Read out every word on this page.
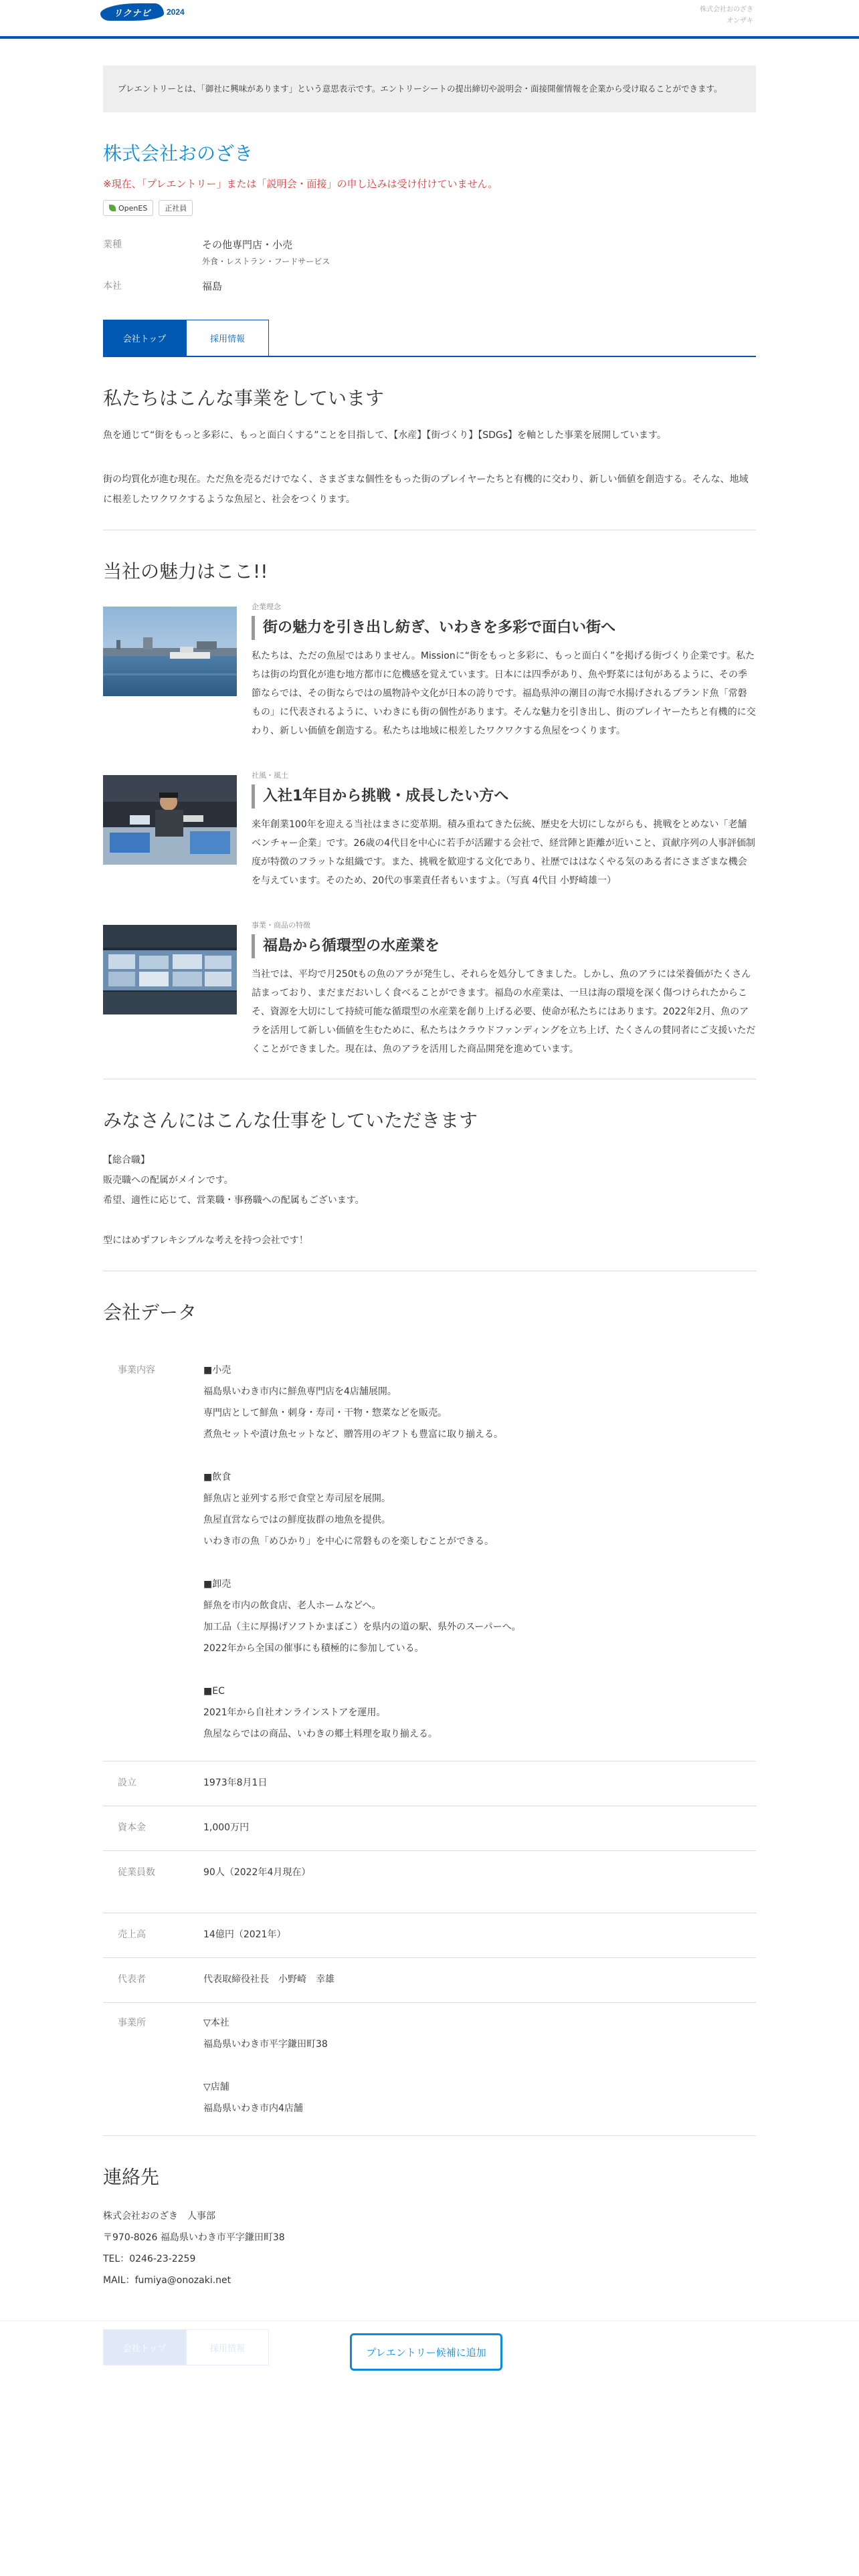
リクナビ 2024	株式会社おのざき
オンザキ
プレエントリーとは、「御社に興味があります」という意思表示です。エントリーシートの提出締切や説明会・面接開催情報を企業から受け取ることができます。
株式会社おのざき

※現在、「プレエントリー」または「説明会・面接」の申し込みは受け付けていません。

OpenES 正社員
業種	その他専門店・小売
外食・レストラン・フードサービス
本社	福島
会社トップ	採用情報
私たちはこんな事業をしています

魚を通じて“街をもっと多彩に、もっと面白くする”ことを目指して、【水産】【街づくり】【SDGs】を軸とした事業を展開しています。

街の均質化が進む現在。ただ魚を売るだけでなく、さまざまな個性をもった街のプレイヤーたちと有機的に交わり、新しい価値を創造する。そんな、地域に根差したワクワクするような魚屋と、社会をつくります。

当社の魅力はここ!!
企業理念
街の魅力を引き出し紡ぎ、いわきを多彩で面白い街へ

私たちは、ただの魚屋ではありません。Missionに“街をもっと多彩に、もっと面白く”を掲げる街づくり企業です。私たちは街の均質化が進む地方都市に危機感を覚えています。日本には四季があり、魚や野菜には旬があるように、その季節ならでは、その街ならではの風物詩や文化が日本の誇りです。福島県沖の潮目の海で水揚げされるブランド魚「常磐もの」に代表されるように、いわきにも街の個性があります。そんな魅力を引き出し、街のプレイヤーたちと有機的に交わり、新しい価値を創造する。私たちは地域に根差したワクワクする魚屋をつくります。

社風・風土
入社1年目から挑戦・成長したい方へ

来年創業100年を迎える当社はまさに変革期。積み重ねてきた伝統、歴史を大切にしながらも、挑戦をとめない「老舗ベンチャー企業」です。26歳の4代目を中心に若手が活躍する会社で、経営陣と距離が近いこと、貢献序列の人事評価制度が特徴のフラットな組織です。また、挑戦を歓迎する文化であり、社歴でははなくやる気のある者にさまざまな機会を与えています。そのため、20代の事業責任者もいますよ。（写真 4代目 小野崎雄一）

事業・商品の特徴
福島から循環型の水産業を

当社では、平均で月250tもの魚のアラが発生し、それらを処分してきました。しかし、魚のアラには栄養価がたくさん詰まっており、まだまだおいしく食べることができます。福島の水産業は、一旦は海の環境を深く傷つけられたからこそ、資源を大切にして持続可能な循環型の水産業を創り上げる必要、使命が私たちにはあります。2022年2月、魚のアラを活用して新しい価値を生むために、私たちはクラウドファンディングを立ち上げ、たくさんの賛同者にご支援いただくことができました。現在は、魚のアラを活用した商品開発を進めています。

みなさんにはこんな仕事をしていただきます
【総合職】
販売職への配属がメインです。
希望、適性に応じて、営業職・事務職への配属もございます。
型にはめずフレキシブルな考えを持つ会社です！
会社データ
事業内容	■小売
福島県いわき市内に鮮魚専門店を4店舗展開。
専門店として鮮魚・刺身・寿司・干物・惣菜などを販売。
煮魚セットや漬け魚セットなど、贈答用のギフトも豊富に取り揃える。
■飲食
鮮魚店と並列する形で食堂と寿司屋を展開。
魚屋直営ならではの鮮度抜群の地魚を提供。
いわき市の魚「めひかり」を中心に常磐ものを楽しむことができる。
■卸売
鮮魚を市内の飲食店、老人ホームなどへ。
加工品（主に厚揚げソフトかまぼこ）を県内の道の駅、県外のスーパーへ。
2022年から全国の催事にも積極的に参加している。
■EC
2021年から自社オンラインストアを運用。
魚屋ならではの商品、いわきの郷土料理を取り揃える。
設立	1973年8月1日
資本金	1,000万円
従業員数	90人（2022年4月現在）
売上高	14億円（2021年）
代表者	代表取締役社長　小野崎　幸雄
事業所	▽本社
福島県いわき市平字鎌田町38
▽店舗
福島県いわき市内4店舗
連絡先
株式会社おのざき　人事部
〒970-8026 福島県いわき市平字鎌田町38
TEL：0246-23-2259
MAIL：fumiya@onozaki.net
会社トップ	採用情報	プレエントリー候補に追加
